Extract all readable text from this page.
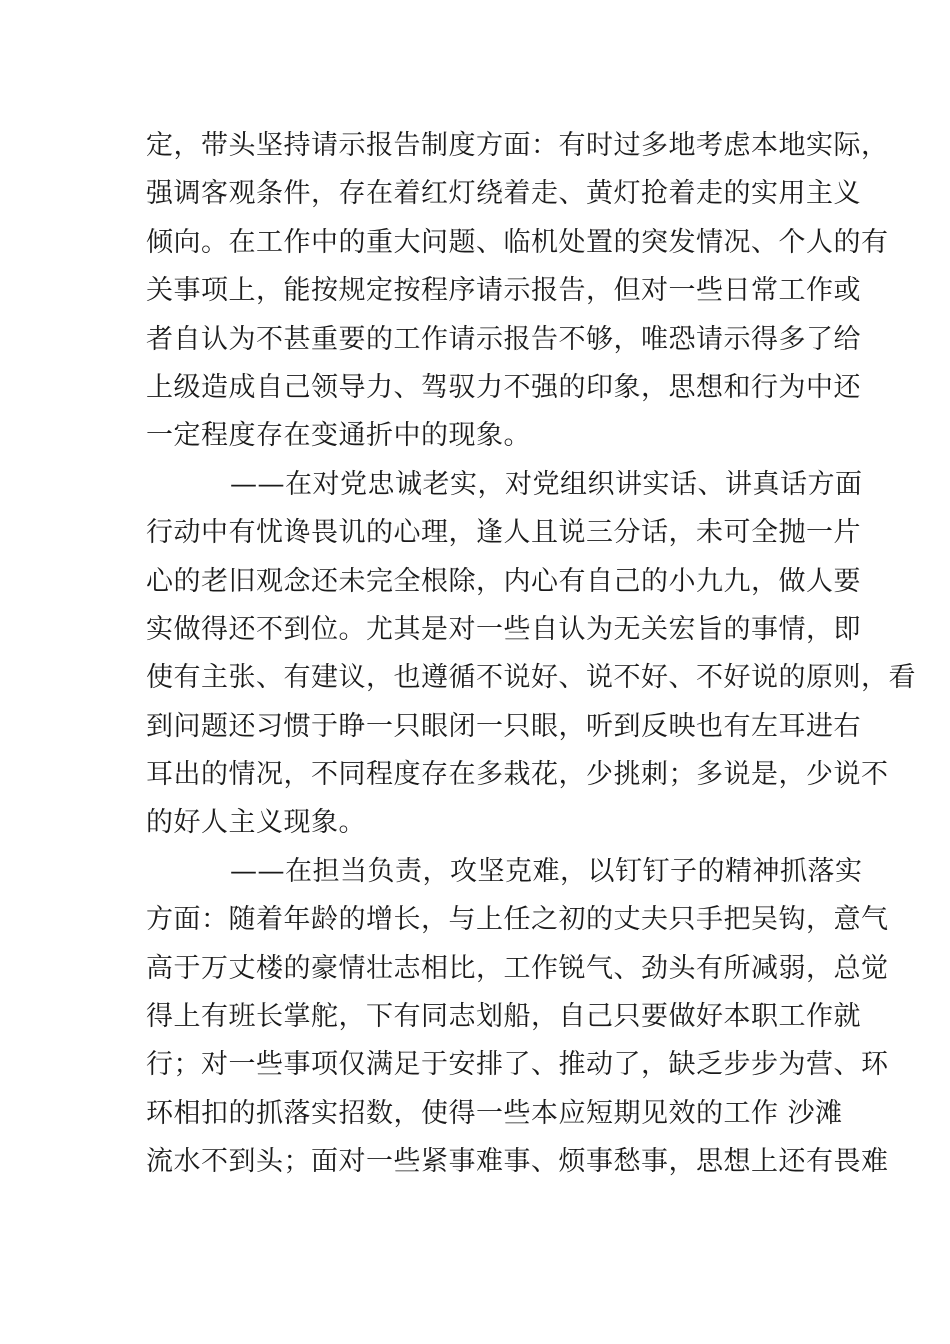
定，带头坚持请示报告制度方面：有时过多地考虑本地实际，
强调客观条件，存在着红灯绕着走、黄灯抢着走的实用主义
倾向。在工作中的重大问题、临机处置的突发情况、个人的有
关事项上，能按规定按程序请示报告，但对一些日常工作或
者自认为不甚重要的工作请示报告不够，唯恐请示得多了给
上级造成自己领导力、驾驭力不强的印象，思想和行为中还
一定程度存在变通折中的现象。
——在对党忠诚老实，对党组织讲实话、讲真话方面
行动中有忧谗畏讥的心理，逢人且说三分话，未可全抛一片
心的老旧观念还未完全根除，内心有自己的小九九，做人要
实做得还不到位。尤其是对一些自认为无关宏旨的事情，即
使有主张、有建议，也遵循不说好、说不好、不好说的原则，看
到问题还习惯于睁一只眼闭一只眼，听到反映也有左耳进右
耳出的情况，不同程度存在多栽花，少挑刺；多说是，少说不
的好人主义现象。
——在担当负责，攻坚克难，以钉钉子的精神抓落实
方面：随着年龄的增长，与上任之初的丈夫只手把吴钩，意气
高于万丈楼的豪情壮志相比，工作锐气、劲头有所减弱，总觉
得上有班长掌舵，下有同志划船，自己只要做好本职工作就
行；对一些事项仅满足于安排了、推动了，缺乏步步为营、环
环相扣的抓落实招数，使得一些本应短期见效的工作 沙滩
流水不到头；面对一些紧事难事、烦事愁事，思想上还有畏难
